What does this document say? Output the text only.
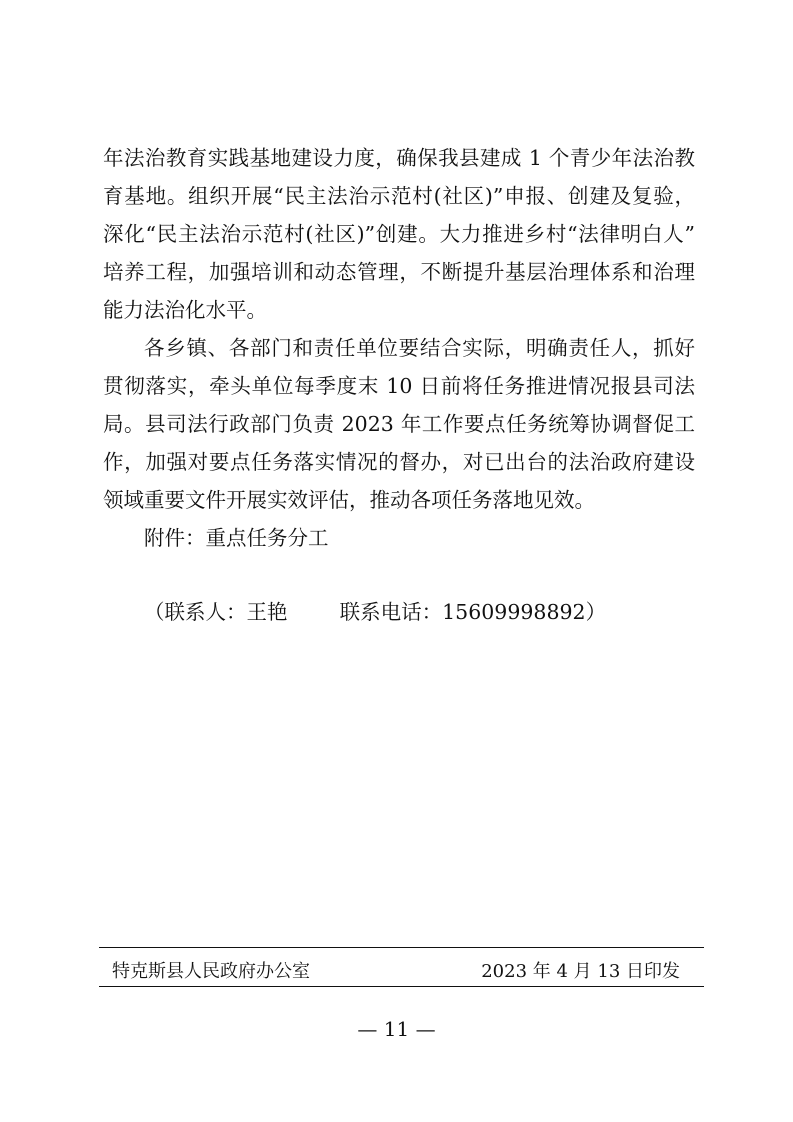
年法治教育实践基地建设力度，确保我县建成 1 个青少年法治教
育基地。组织开展“民主法治示范村(社区)”申报、创建及复验，
深化“民主法治示范村(社区)”创建。大力推进乡村“法律明白人”
培养工程，加强培训和动态管理，不断提升基层治理体系和治理
能力法治化水平。
各乡镇、各部门和责任单位要结合实际，明确责任人，抓好
贯彻落实，牵头单位每季度末 10 日前将任务推进情况报县司法
局。县司法行政部门负责 2023 年工作要点任务统筹协调督促工
作，加强对要点任务落实情况的督办，对已出台的法治政府建设
领域重要文件开展实效评估，推动各项任务落地见效。
附件：重点任务分工
（联系人：王艳        联系电话：15609998892）
特克斯县人民政府办公室	2023 年 4 月 13 日印发
— 11 —
